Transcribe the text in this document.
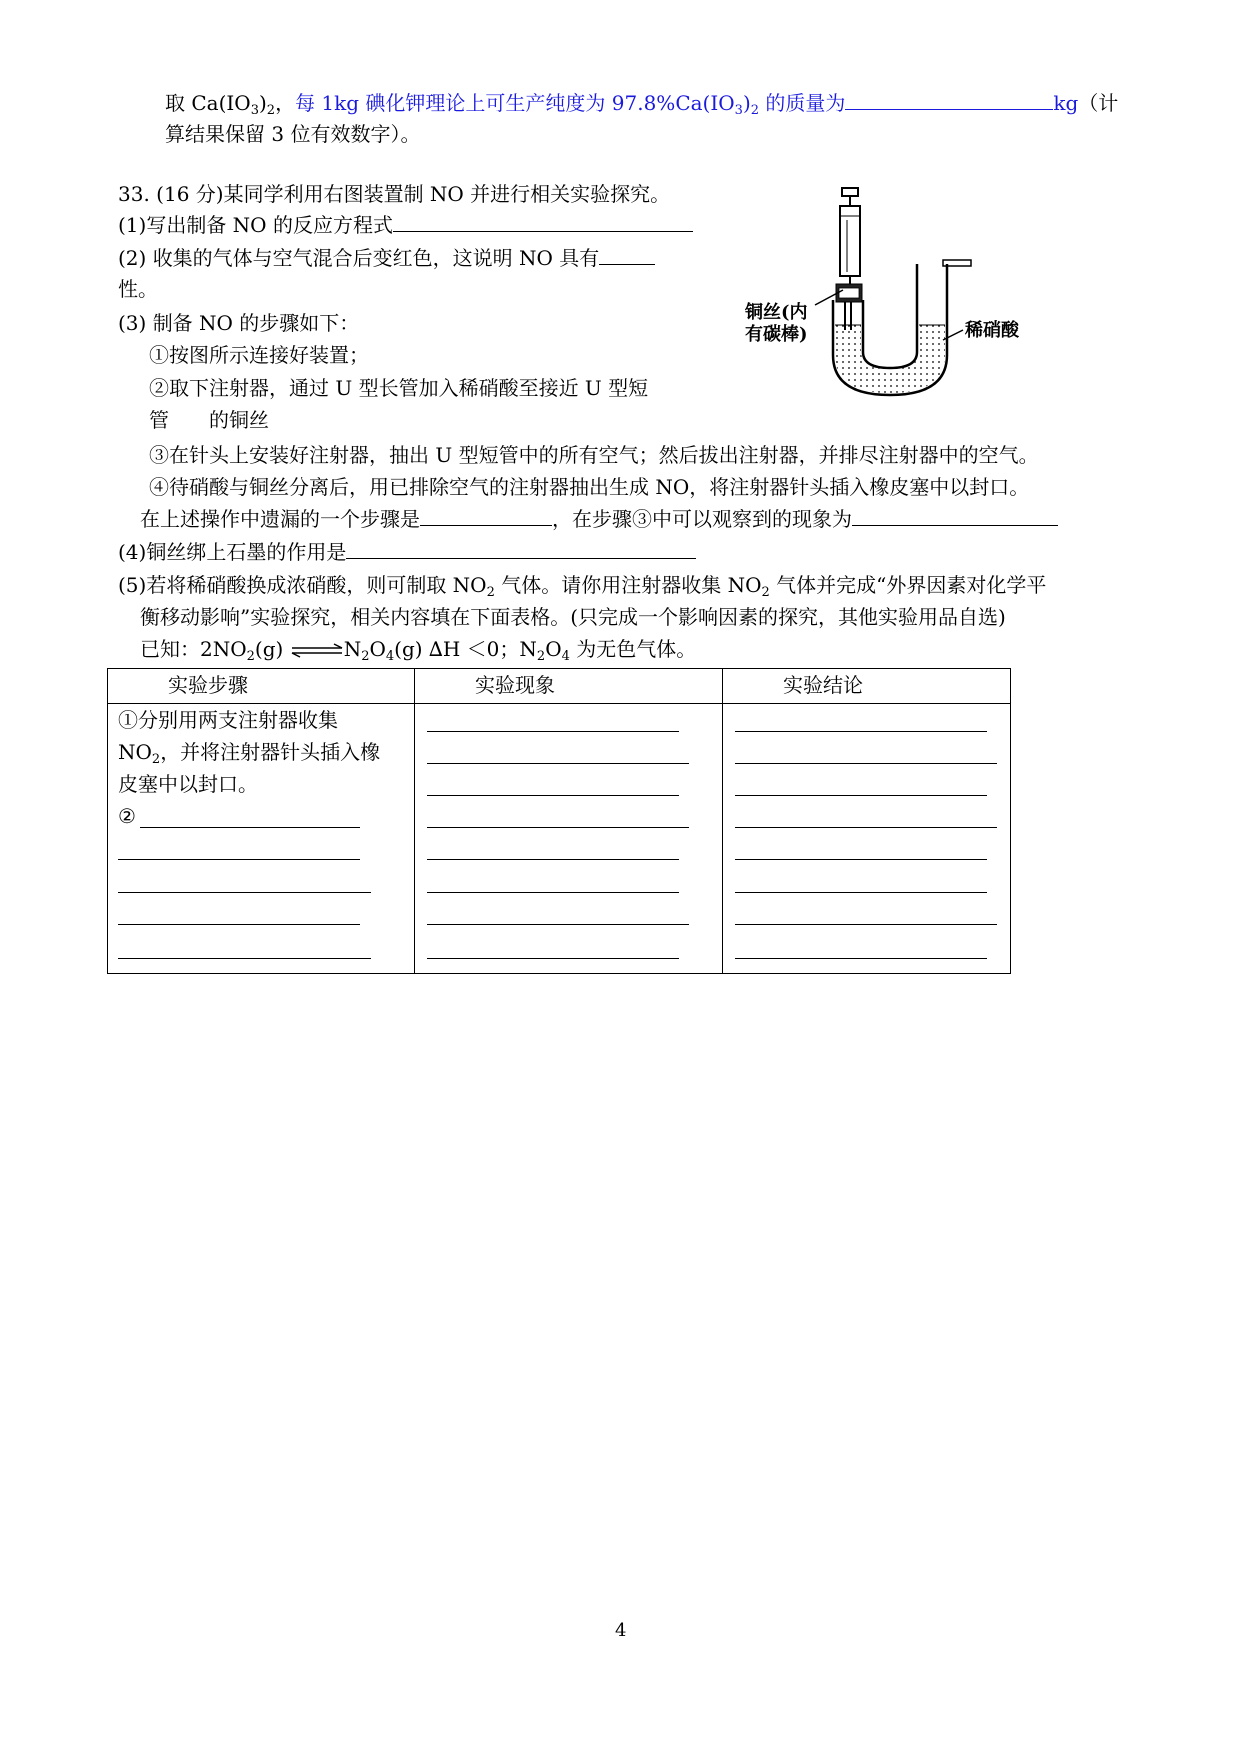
取 $Ca(IO_3)_2$，每 1kg 碘化钾理论上可生产纯度为 $97.8\%Ca(IO_3)_2$ 的质量为	kg（计
算结果保留 3 位有效数字）。
33. (16 分)某同学利用右图装置制 NO 并进行相关实验探究。
(1)写出制备 NO 的反应方程式
(2) 收集的气体与空气混合后变红色，这说明 NO 具有
性。
(3) 制备 NO 的步骤如下：
①按图所示连接好装置；
②取下注射器，通过 U 型长管加入稀硝酸至接近 U 型短
管 的铜丝
③在针头上安装好注射器，抽出 U 型短管中的所有空气；然后拔出注射器，并排尽注射器中的空气。
④待硝酸与铜丝分离后，用已排除空气的注射器抽出生成 NO，将注射器针头插入橡皮塞中以封口。
在上述操作中遗漏的一个步骤是	，在步骤③中可以观察到的现象为
(4)铜丝绑上石墨的作用是
(5)若将稀硝酸换成浓硝酸，则可制取 $NO_2$ 气体。请你用注射器收集 $NO_2$ 气体并完成“外界因素对化学平
衡移动影响”实验探究，相关内容填在下面表格。(只完成一个影响因素的探究，其他实验用品自选)
已知：$2NO_2(g)$ $\rightleftharpoons N_2O_4(g)$ ∆H ＜0；$N_2O_4$ 为无色气体。
铜丝(内
有碳棒)	稀硝酸
实验步骤	实验现象	实验结论

①分别用两支注射器收集
$NO_2$，并将注射器针头插入橡
皮塞中以封口。
②		

4
